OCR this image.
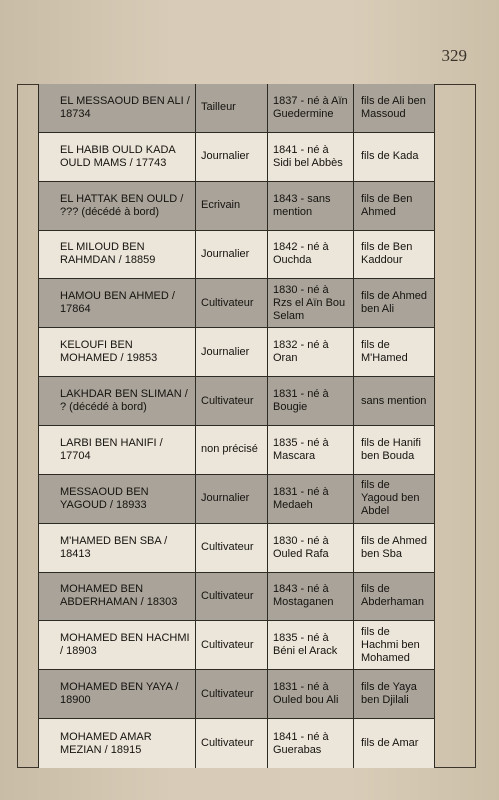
329
EL MESSAOUD BEN ALI / 18734
Tailleur
1837 - né à Aïn Guedermine
fils de Ali ben Massoud
EL HABIB OULD KADA OULD MAMS / 17743
Journalier
1841 - né à Sidi bel Abbès
fils de Kada
EL HATTAK BEN OULD / ??? (décédé à bord)
Ecrivain
1843 - sans mention
fils de Ben Ahmed
EL MILOUD BEN RAHMDAN / 18859
Journalier
1842 - né à Ouchda
fils de Ben Kaddour
HAMOU BEN AHMED / 17864
Cultivateur
1830 - né à Rzs el Aïn Bou Selam
fils de Ahmed ben Ali
KELOUFI BEN MOHAMED / 19853
Journalier
1832 - né à Oran
fils de M'Hamed
LAKHDAR BEN SLIMAN / ? (décédé à bord)
Cultivateur
1831 - né à Bougie
sans mention
LARBI BEN HANIFI / 17704
non précisé
1835 - né à Mascara
fils de Hanifi ben Bouda
MESSAOUD BEN YAGOUD / 18933
Journalier
1831 - né à Medaeh
fils de Yagoud ben Abdel
M'HAMED BEN SBA / 18413
Cultivateur
1830 - né à Ouled Rafa
fils de Ahmed ben Sba
MOHAMED BEN ABDERHAMAN / 18303
Cultivateur
1843 - né à Mostaganen
fils de Abderhaman
MOHAMED BEN HACHMI / 18903
Cultivateur
1835 - né à Béni el Arack
fils de Hachmi ben Mohamed
MOHAMED BEN YAYA / 18900
Cultivateur
1831 - né à Ouled bou Ali
fils de Yaya ben Djilali
MOHAMED AMAR MEZIAN / 18915
Cultivateur
1841 - né à Guerabas
fils de Amar
